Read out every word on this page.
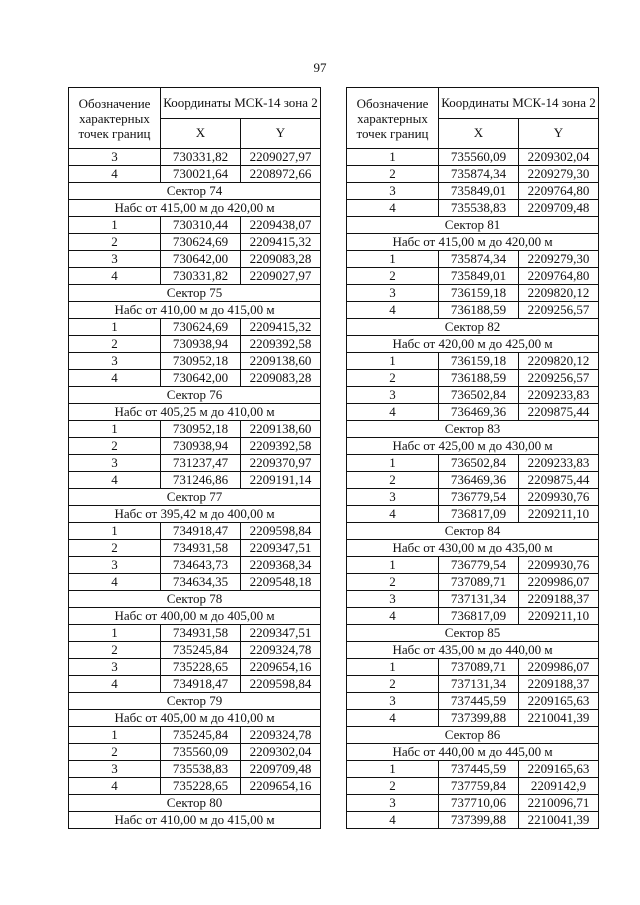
97
Обозначение характерных точек границ	Координаты МСК-14 зона 2	
	X	Y
3	730331,82	2209027,97
4	730021,64	2208972,66
Сектор 74		
Набс от 415,00 м до 420,00 м		
1	730310,44	2209438,07
2	730624,69	2209415,32
3	730642,00	2209083,28
4	730331,82	2209027,97
Сектор 75		
Набс от 410,00 м до 415,00 м		
1	730624,69	2209415,32
2	730938,94	2209392,58
3	730952,18	2209138,60
4	730642,00	2209083,28
Сектор 76		
Набс от 405,25 м до 410,00 м		
1	730952,18	2209138,60
2	730938,94	2209392,58
3	731237,47	2209370,97
4	731246,86	2209191,14
Сектор 77		
Набс от 395,42 м до 400,00 м		
1	734918,47	2209598,84
2	734931,58	2209347,51
3	734643,73	2209368,34
4	734634,35	2209548,18
Сектор 78		
Набс от 400,00 м до 405,00 м		
1	734931,58	2209347,51
2	735245,84	2209324,78
3	735228,65	2209654,16
4	734918,47	2209598,84
Сектор 79		
Набс от 405,00 м до 410,00 м		
1	735245,84	2209324,78
2	735560,09	2209302,04
3	735538,83	2209709,48
4	735228,65	2209654,16
Сектор 80		
Набс от 410,00 м до 415,00 м		
Обозначение характерных точек границ	Координаты МСК-14 зона 2	
	X	Y
1	735560,09	2209302,04
2	735874,34	2209279,30
3	735849,01	2209764,80
4	735538,83	2209709,48
Сектор 81		
Набс от 415,00 м до 420,00 м		
1	735874,34	2209279,30
2	735849,01	2209764,80
3	736159,18	2209820,12
4	736188,59	2209256,57
Сектор 82		
Набс от 420,00 м до 425,00 м		
1	736159,18	2209820,12
2	736188,59	2209256,57
3	736502,84	2209233,83
4	736469,36	2209875,44
Сектор 83		
Набс от 425,00 м до 430,00 м		
1	736502,84	2209233,83
2	736469,36	2209875,44
3	736779,54	2209930,76
4	736817,09	2209211,10
Сектор 84		
Набс от 430,00 м до 435,00 м		
1	736779,54	2209930,76
2	737089,71	2209986,07
3	737131,34	2209188,37
4	736817,09	2209211,10
Сектор 85		
Набс от 435,00 м до 440,00 м		
1	737089,71	2209986,07
2	737131,34	2209188,37
3	737445,59	2209165,63
4	737399,88	2210041,39
Сектор 86		
Набс от 440,00 м до 445,00 м		
1	737445,59	2209165,63
2	737759,84	2209142,9
3	737710,06	2210096,71
4	737399,88	2210041,39
